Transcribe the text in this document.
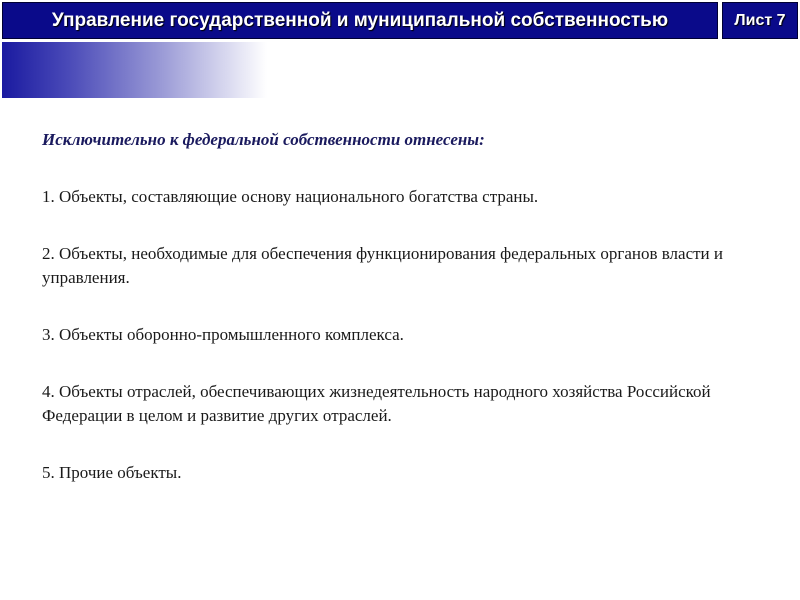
Управление государственной и муниципальной собственностью	Лист 7
Исключительно к федеральной собственности отнесены:
1. Объекты, составляющие основу национального богатства страны.
2. Объекты, необходимые для обеспечения функционирования федеральных органов власти и управления.
3. Объекты оборонно-промышленного комплекса.
4. Объекты отраслей, обеспечивающих жизнедеятельность народного хозяйства Российской Федерации в целом и развитие других отраслей.
5. Прочие объекты.
